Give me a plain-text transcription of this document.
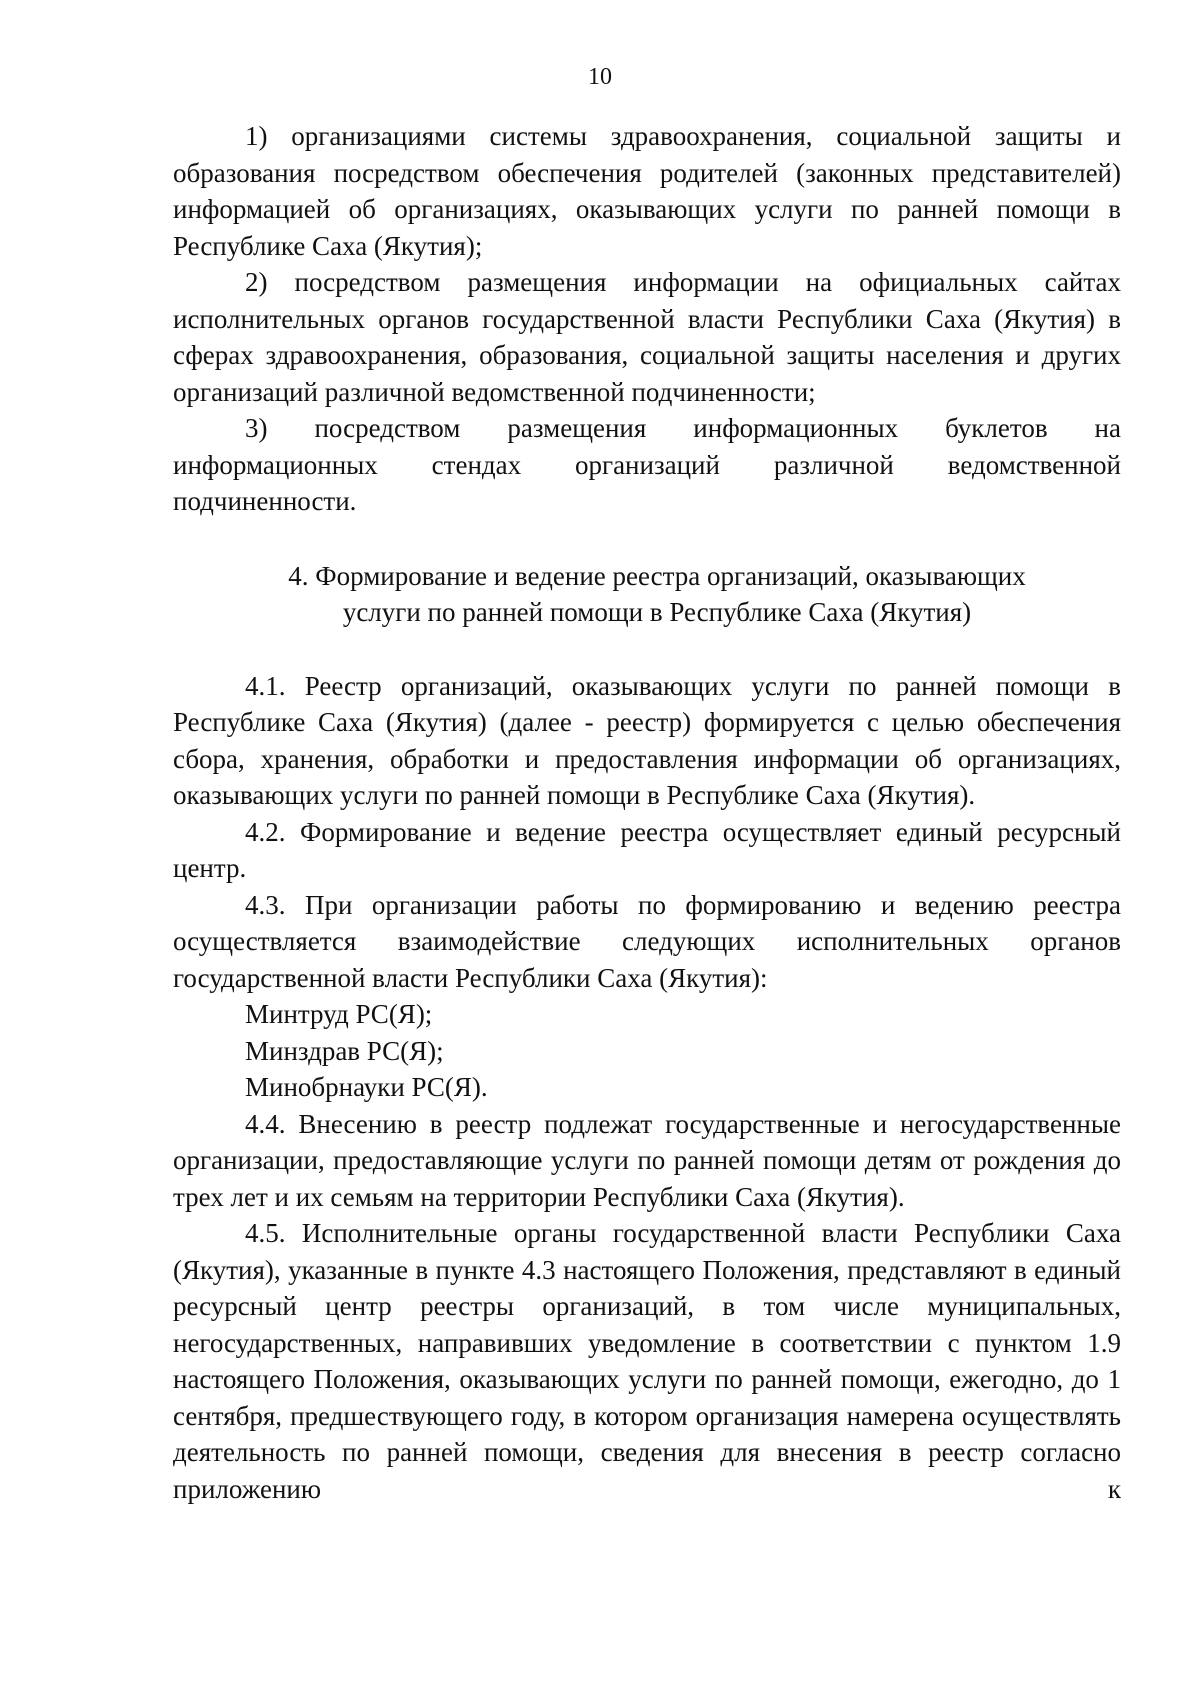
10

1) организациями системы здравоохранения, социальной защиты и образования посредством обеспечения родителей (законных представителей) информацией об организациях, оказывающих услуги по ранней помощи в Республике Саха (Якутия);

2) посредством размещения информации на официальных сайтах исполнительных органов государственной власти Республики Саха (Якутия) в сферах здравоохранения, образования, социальной защиты населения и других организаций различной ведомственной подчиненности;

3) посредством размещения информационных буклетов на информационных стендах организаций различной ведомственной подчиненности.

4. Формирование и ведение реестра организаций, оказывающих
услуги по ранней помощи в Республике Саха (Якутия)

4.1. Реестр организаций, оказывающих услуги по ранней помощи в Республике Саха (Якутия) (далее - реестр) формируется с целью обеспечения сбора, хранения, обработки и предоставления информации об организациях, оказывающих услуги по ранней помощи в Республике Саха (Якутия).

4.2. Формирование и ведение реестра осуществляет единый ресурсный центр.

4.3. При организации работы по формированию и ведению реестра осуществляется взаимодействие следующих исполнительных органов государственной власти Республики Саха (Якутия):

Минтруд РС(Я);

Минздрав РС(Я);

Минобрнауки РС(Я).

4.4. Внесению в реестр подлежат государственные и негосударственные организации, предоставляющие услуги по ранней помощи детям от рождения до трех лет и их семьям на территории Республики Саха (Якутия).

4.5. Исполнительные органы государственной власти Республики Саха (Якутия), указанные в пункте 4.3 настоящего Положения, представляют в единый ресурсный центр реестры организаций, в том числе муниципальных, негосударственных, направивших уведомление в соответствии с пунктом 1.9 настоящего Положения, оказывающих услуги по ранней помощи, ежегодно, до 1 сентября, предшествующего году, в котором организация намерена осуществлять деятельность по ранней помощи, сведения для внесения в реестр согласно приложению к
